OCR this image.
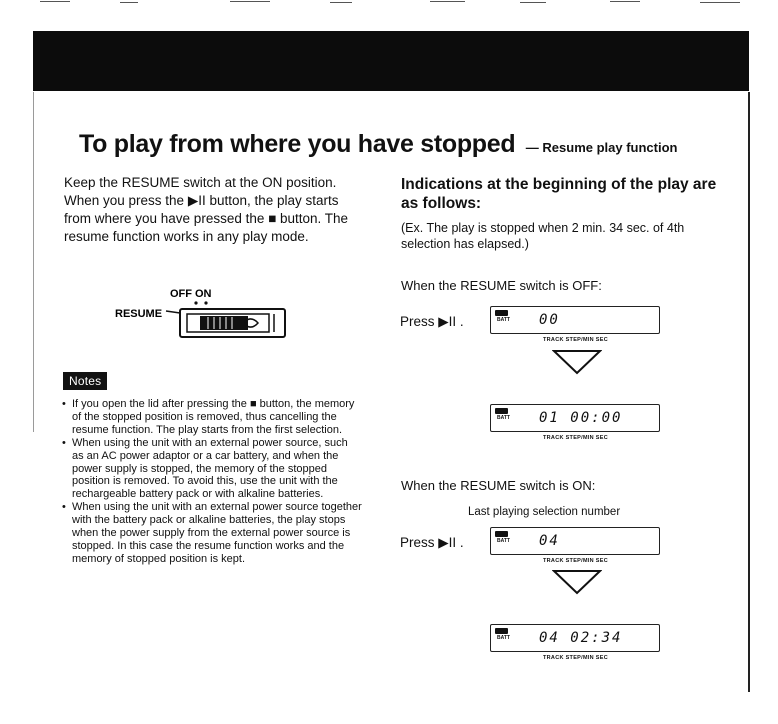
To play from where you have stopped — Resume play function
Keep the RESUME switch at the ON position. When you press the ▶II button, the play starts from where you have pressed the ■ button. The resume function works in any play mode.
OFF ON
RESUME
Notes
• If you open the lid after pressing the ■ button, the memory of the stopped position is removed, thus cancelling the resume function. The play starts from the first selection.
• When using the unit with an external power source, such as an AC power adaptor or a car battery, and when the power supply is stopped, the memory of the stopped position is removed. To avoid this, use the unit with the rechargeable battery pack or with alkaline batteries.
• When using the unit with an external power source together with the battery pack or alkaline batteries, the play stops when the power supply from the external power source is stopped. In this case the resume function works and the memory of stopped position is kept.
Indications at the beginning of the play are as follows:
(Ex. The play is stopped when 2 min. 34 sec. of 4th selection has elapsed.)
When the RESUME switch is OFF:
Press ▶II .	BATT 00
TRACK STEP/MIN SEC
BATT 01 00:00
TRACK STEP/MIN SEC
When the RESUME switch is ON:
Last playing selection number
Press ▶II .	BATT 04
TRACK STEP/MIN SEC
BATT 04 02:34
TRACK STEP/MIN SEC
